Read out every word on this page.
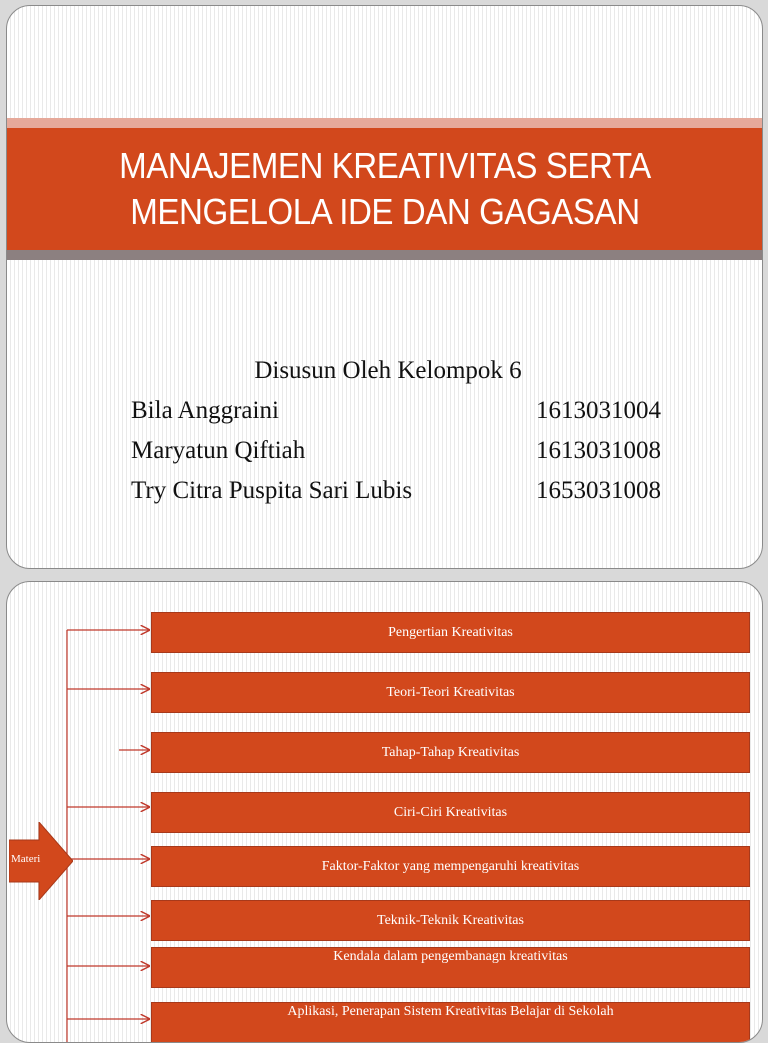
MANAJEMEN KREATIVITAS SERTA
MENGELOLA IDE DAN GAGASAN
Disusun Oleh Kelompok 6
Bila Anggraini	1613031004
Maryatun Qiftiah	1613031008
Try Citra Puspita Sari Lubis	1653031008
Materi
Pengertian Kreativitas
Teori-Teori Kreativitas
Tahap-Tahap Kreativitas
Ciri-Ciri Kreativitas
Faktor-Faktor yang mempengaruhi kreativitas
Teknik-Teknik Kreativitas
Kendala dalam pengembanagn kreativitas
Aplikasi, Penerapan Sistem Kreativitas Belajar di Sekolah
